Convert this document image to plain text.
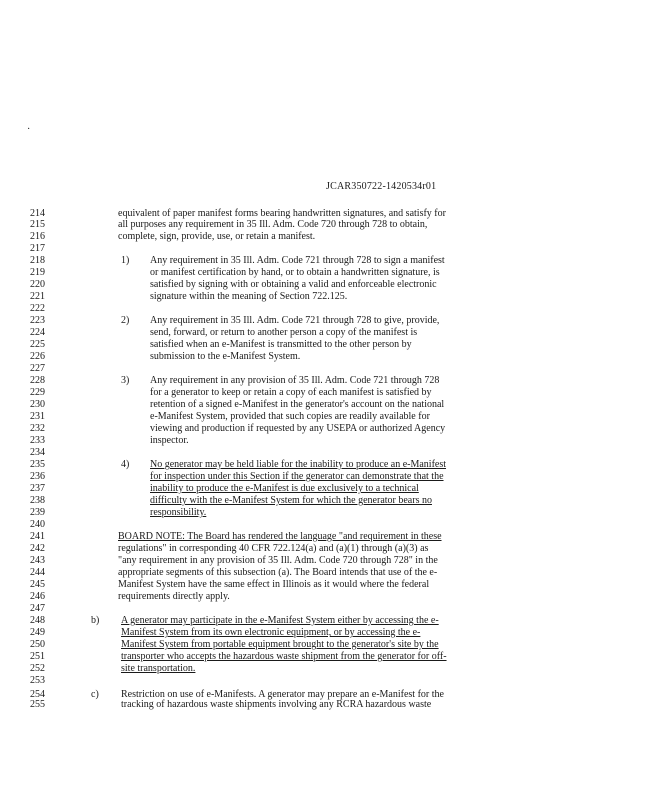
·
JCAR350722-1420534r01
214	equivalent of paper manifest forms bearing handwritten signatures, and satisfy for
215	all purposes any requirement in 35 Ill. Adm. Code 720 through 728 to obtain,
216	complete, sign, provide, use, or retain a manifest.
217
218	1) Any requirement in 35 Ill. Adm. Code 721 through 728 to sign a manifest
219	or manifest certification by hand, or to obtain a handwritten signature, is
220	satisfied by signing with or obtaining a valid and enforceable electronic
221	signature within the meaning of Section 722.125.
222
223	2) Any requirement in 35 Ill. Adm. Code 721 through 728 to give, provide,
224	send, forward, or return to another person a copy of the manifest is
225	satisfied when an e-Manifest is transmitted to the other person by
226	submission to the e-Manifest System.
227
228	3) Any requirement in any provision of 35 Ill. Adm. Code 721 through 728
229	for a generator to keep or retain a copy of each manifest is satisfied by
230	retention of a signed e-Manifest in the generator's account on the national
231	e-Manifest System, provided that such copies are readily available for
232	viewing and production if requested by any USEPA or authorized Agency
233	inspector.
234
235	4) No generator may be held liable for the inability to produce an e-Manifest
236	for inspection under this Section if the generator can demonstrate that the
237	inability to produce the e-Manifest is due exclusively to a technical
238	difficulty with the e-Manifest System for which the generator bears no
239	responsibility.
240
241	BOARD NOTE: The Board has rendered the language "and requirement in these
242	regulations" in corresponding 40 CFR 722.124(a) and (a)(1) through (a)(3) as
243	"any requirement in any provision of 35 Ill. Adm. Code 720 through 728" in the
244	appropriate segments of this subsection (a). The Board intends that use of the e-
245	Manifest System have the same effect in Illinois as it would where the federal
246	requirements directly apply.
247
248	b) A generator may participate in the e-Manifest System either by accessing the e-
249	Manifest System from its own electronic equipment, or by accessing the e-
250	Manifest System from portable equipment brought to the generator's site by the
251	transporter who accepts the hazardous waste shipment from the generator for off-
252	site transportation.
253
254	c) Restriction on use of e-Manifests. A generator may prepare an e-Manifest for the
255	tracking of hazardous waste shipments involving any RCRA hazardous waste
